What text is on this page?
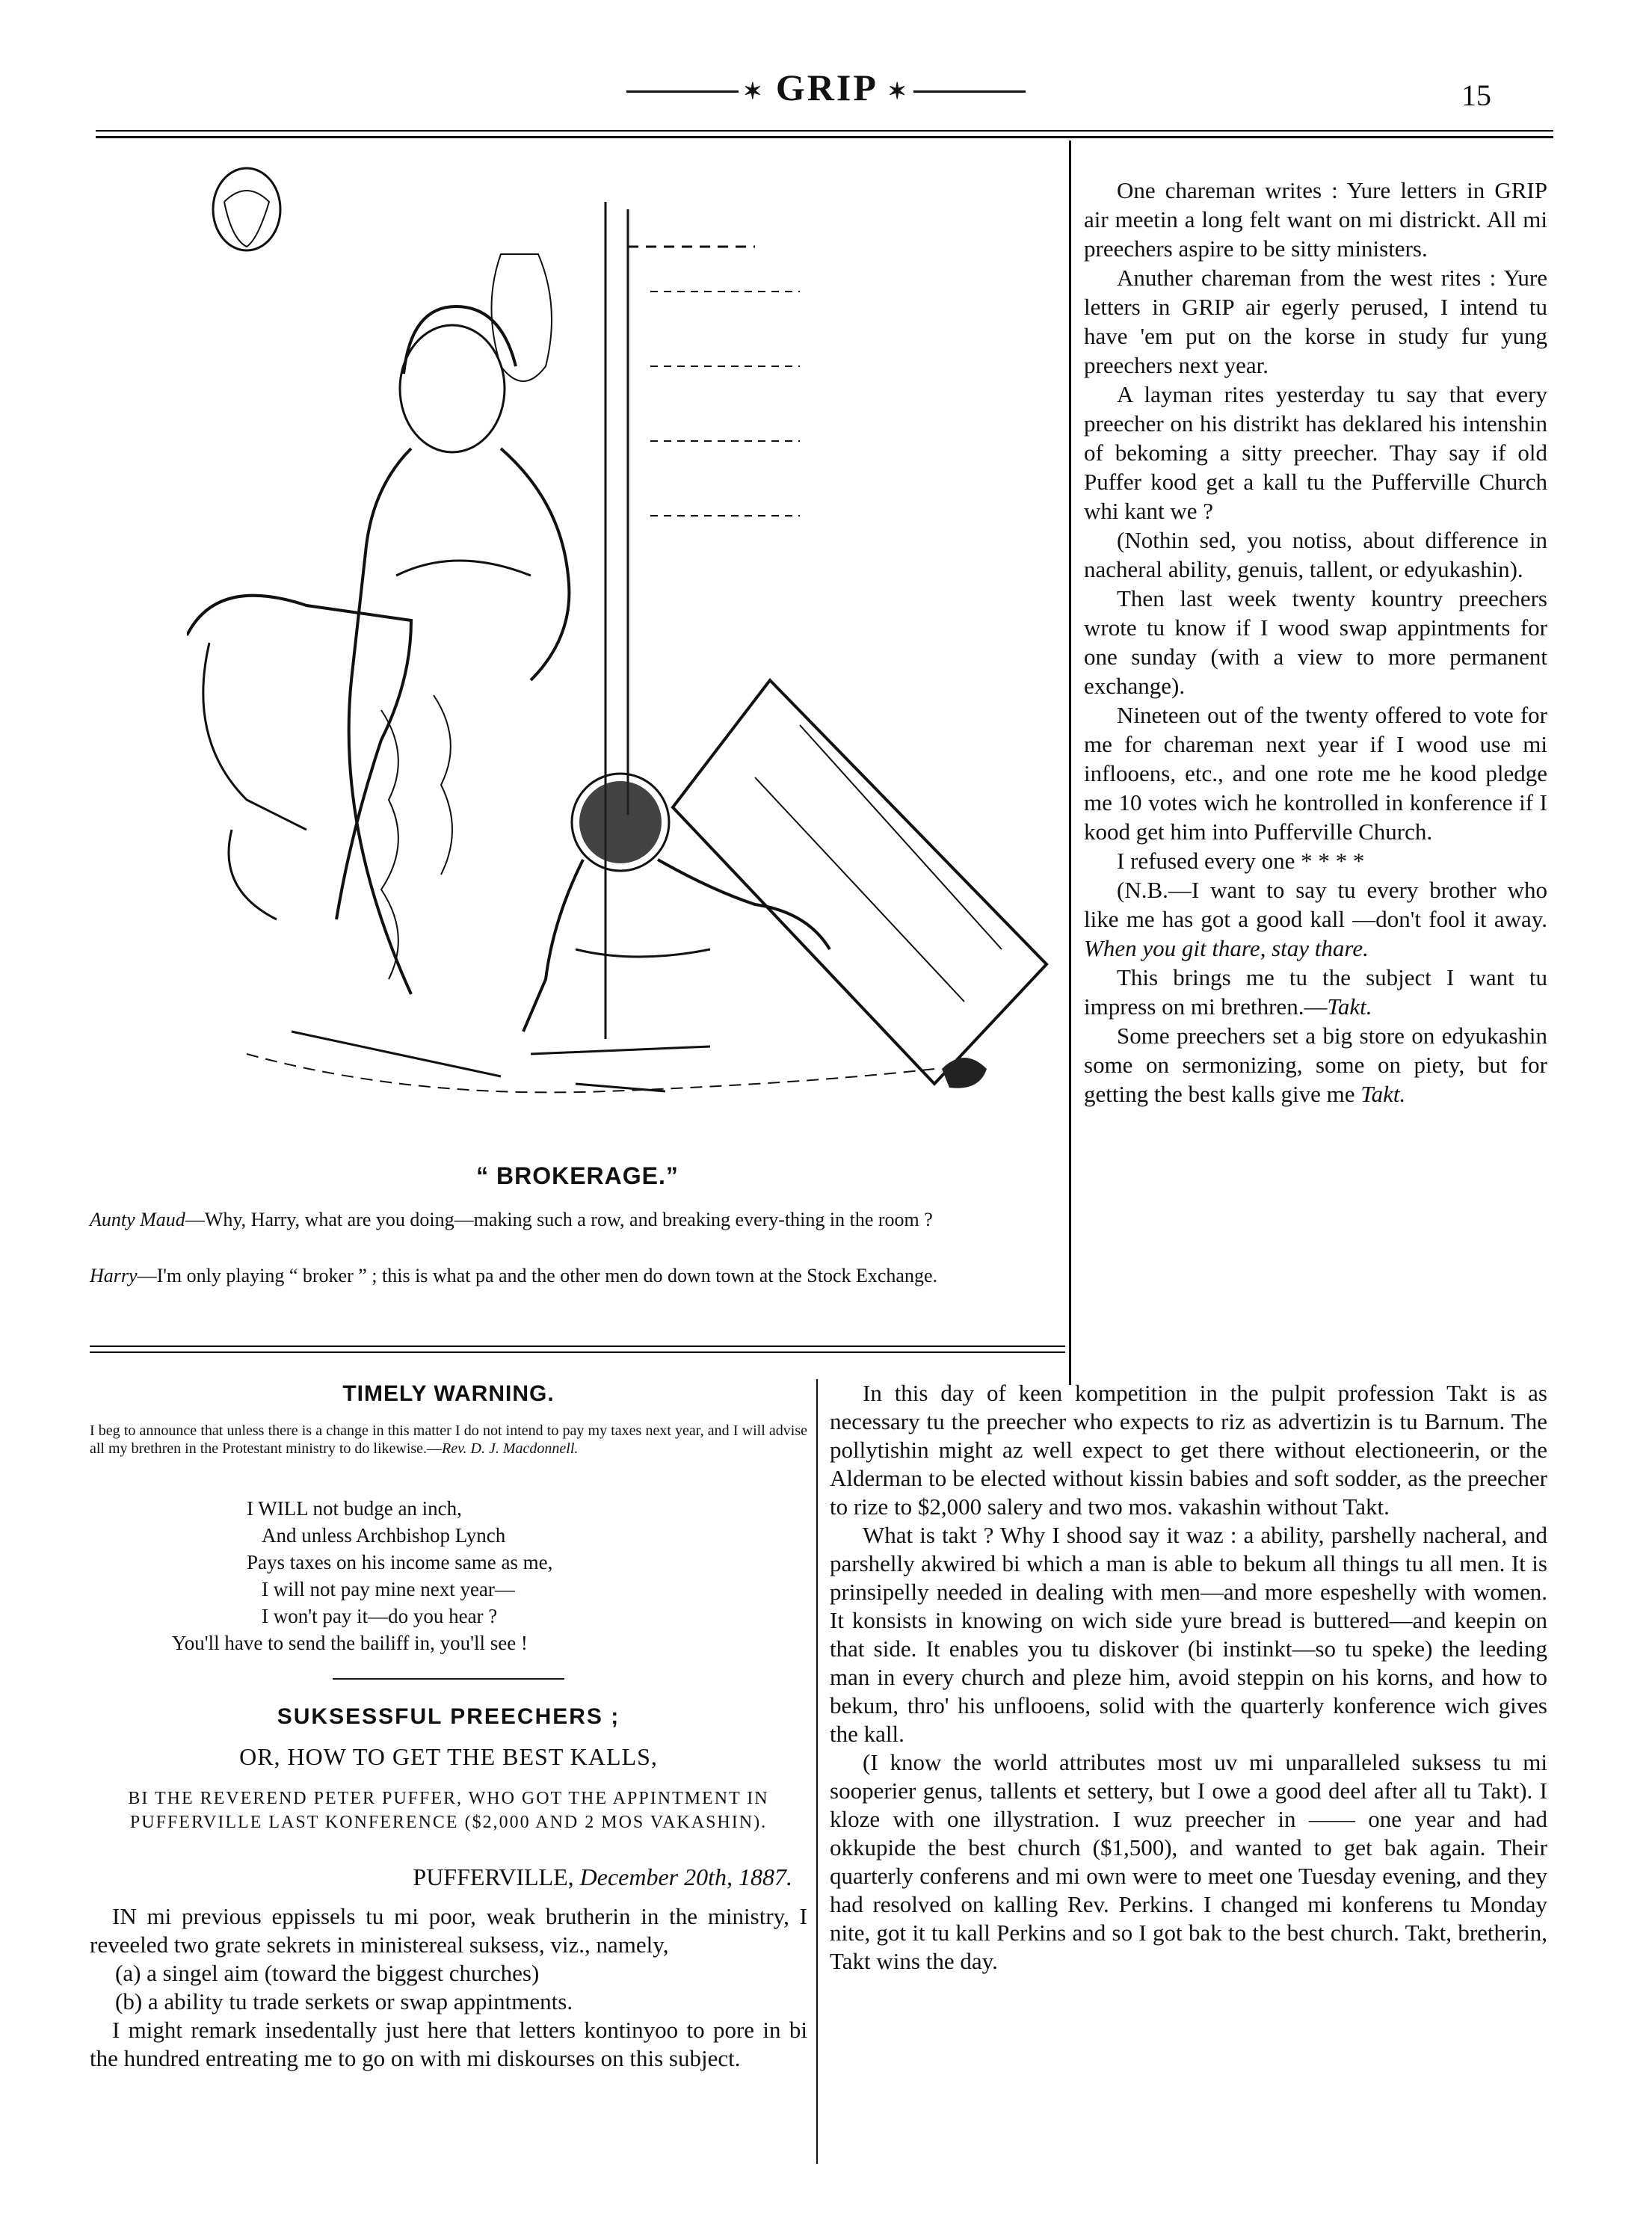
✶ GRIP ✶	15
“ BROKERAGE.”

Aunty Maud—Why, Harry, what are you doing—making such a row, and breaking every-thing in the room ?

Harry—I'm only playing “ broker ” ; this is what pa and the other men do down town at the Stock Exchange.

One chareman writes : Yure letters in GRIP air meetin a long felt want on mi districkt. All mi preechers aspire to be sitty ministers.

Anuther chareman from the west rites : Yure letters in GRIP air egerly perused, I intend tu have 'em put on the korse in study fur yung preechers next year.

A layman rites yesterday tu say that every preecher on his distrikt has deklared his intenshin of bekoming a sitty preecher. Thay say if old Puffer kood get a kall tu the Pufferville Church whi kant we ?

(Nothin sed, you notiss, about difference in nacheral ability, genuis, tallent, or edyukashin).

Then last week twenty kountry preechers wrote tu know if I wood swap appintments for one sunday (with a view to more permanent exchange).

Nineteen out of the twenty offered to vote for me for chareman next year if I wood use mi inflooens, etc., and one rote me he kood pledge me 10 votes wich he kontrolled in konference if I kood get him into Pufferville Church.

I refused every one * * * *

(N.B.—I want to say tu every brother who like me has got a good kall —don't fool it away. When you git thare, stay thare.

This brings me tu the subject I want tu impress on mi brethren.—Takt.

Some preechers set a big store on edyukashin some on sermonizing, some on piety, but for getting the best kalls give me Takt.

TIMELY WARNING.
I beg to announce that unless there is a change in this matter I do not intend to pay my taxes next year, and I will advise all my brethren in the Protestant ministry to do likewise.—Rev. D. J. Macdonnell.
I WILL not budge an inch,
And unless Archbishop Lynch
Pays taxes on his income same as me,
I will not pay mine next year—
I won't pay it—do you hear ?
You'll have to send the bailiff in, you'll see !
SUKSESSFUL PREECHERS ;
OR, HOW TO GET THE BEST KALLS,
BI THE REVEREND PETER PUFFER, WHO GOT THE APPINTMENT IN PUFFERVILLE LAST KONFERENCE ($2,000 AND 2 MOS VAKASHIN).
PUFFERVILLE, December 20th, 1887.

IN mi previous eppissels tu mi poor, weak brutherin in the ministry, I reveeled two grate sekrets in ministereal suksess, viz., namely,

(a) a singel aim (toward the biggest churches)

(b) a ability tu trade serkets or swap appintments.

I might remark insedentally just here that letters kontinyoo to pore in bi the hundred entreating me to go on with mi diskourses on this subject.

In this day of keen kompetition in the pulpit profession Takt is as necessary tu the preecher who expects to riz as advertizin is tu Barnum. The pollytishin might az well expect to get there without electioneerin, or the Alderman to be elected without kissin babies and soft sodder, as the preecher to rize to $2,000 salery and two mos. vakashin without Takt.

What is takt ? Why I shood say it waz : a ability, parshelly nacheral, and parshelly akwired bi which a man is able to bekum all things tu all men. It is prinsipelly needed in dealing with men—and more espeshelly with women. It konsists in knowing on wich side yure bread is buttered—and keepin on that side. It enables you tu diskover (bi instinkt—so tu speke) the leeding man in every church and pleze him, avoid steppin on his korns, and how to bekum, thro' his unflooens, solid with the quarterly konference wich gives the kall.

(I know the world attributes most uv mi unparalleled suksess tu mi sooperier genus, tallents et settery, but I owe a good deel after all tu Takt). I kloze with one illystration. I wuz preecher in —— one year and had okkupide the best church ($1,500), and wanted to get bak again. Their quarterly conferens and mi own were to meet one Tuesday evening, and they had resolved on kalling Rev. Perkins. I changed mi konferens tu Monday nite, got it tu kall Perkins and so I got bak to the best church. Takt, bretherin, Takt wins the day.
